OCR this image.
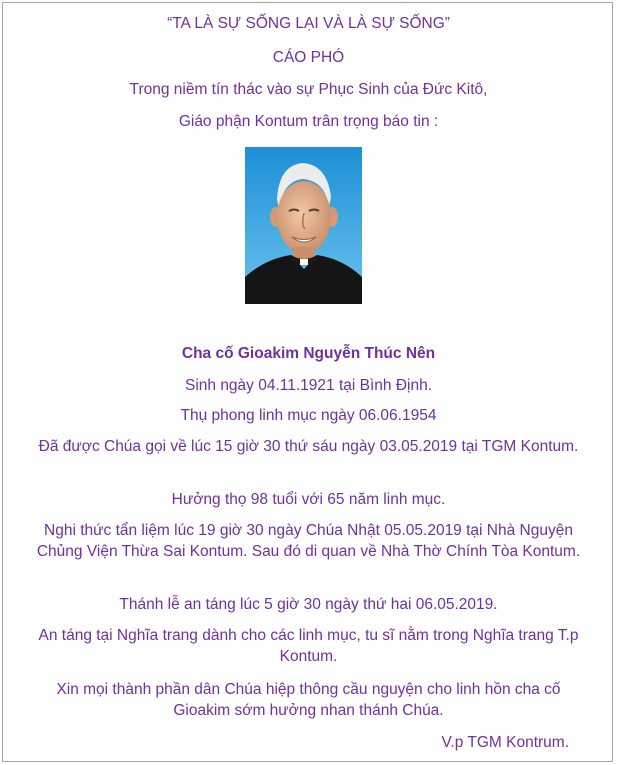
“TA LÀ SỰ SỐNG LẠI VÀ LÀ SỰ SỐNG”
CÁO PHÓ
Trong niềm tín thác vào sự Phục Sinh của Đức Kitô,
Giáo phận Kontum trân trọng báo tin :
Cha cố Gioakim Nguyễn Thúc Nên
Sinh ngày 04.11.1921 tại Bình Định.
Thụ phong linh mục ngày 06.06.1954
Đã được Chúa gọi về lúc 15 giờ 30 thứ sáu ngày 03.05.2019 tại TGM Kontum.
Hưởng thọ 98 tuổi với 65 năm linh mục.
Nghi thức tẩn liệm lúc 19 giờ 30 ngày Chúa Nhật 05.05.2019 tại Nhà Nguyện Chủng Viện Thừa Sai Kontum. Sau đó di quan về Nhà Thờ Chính Tòa Kontum.
Thánh lễ an táng lúc 5 giờ 30 ngày thứ hai 06.05.2019.
An táng tại Nghĩa trang dành cho các linh mục, tu sĩ nằm trong Nghĩa trang T.p Kontum.
Xin mọi thành phần dân Chúa hiệp thông cầu nguyện cho linh hồn cha cố Gioakim sớm hưởng nhan thánh Chúa.
V.p TGM Kontrum.
